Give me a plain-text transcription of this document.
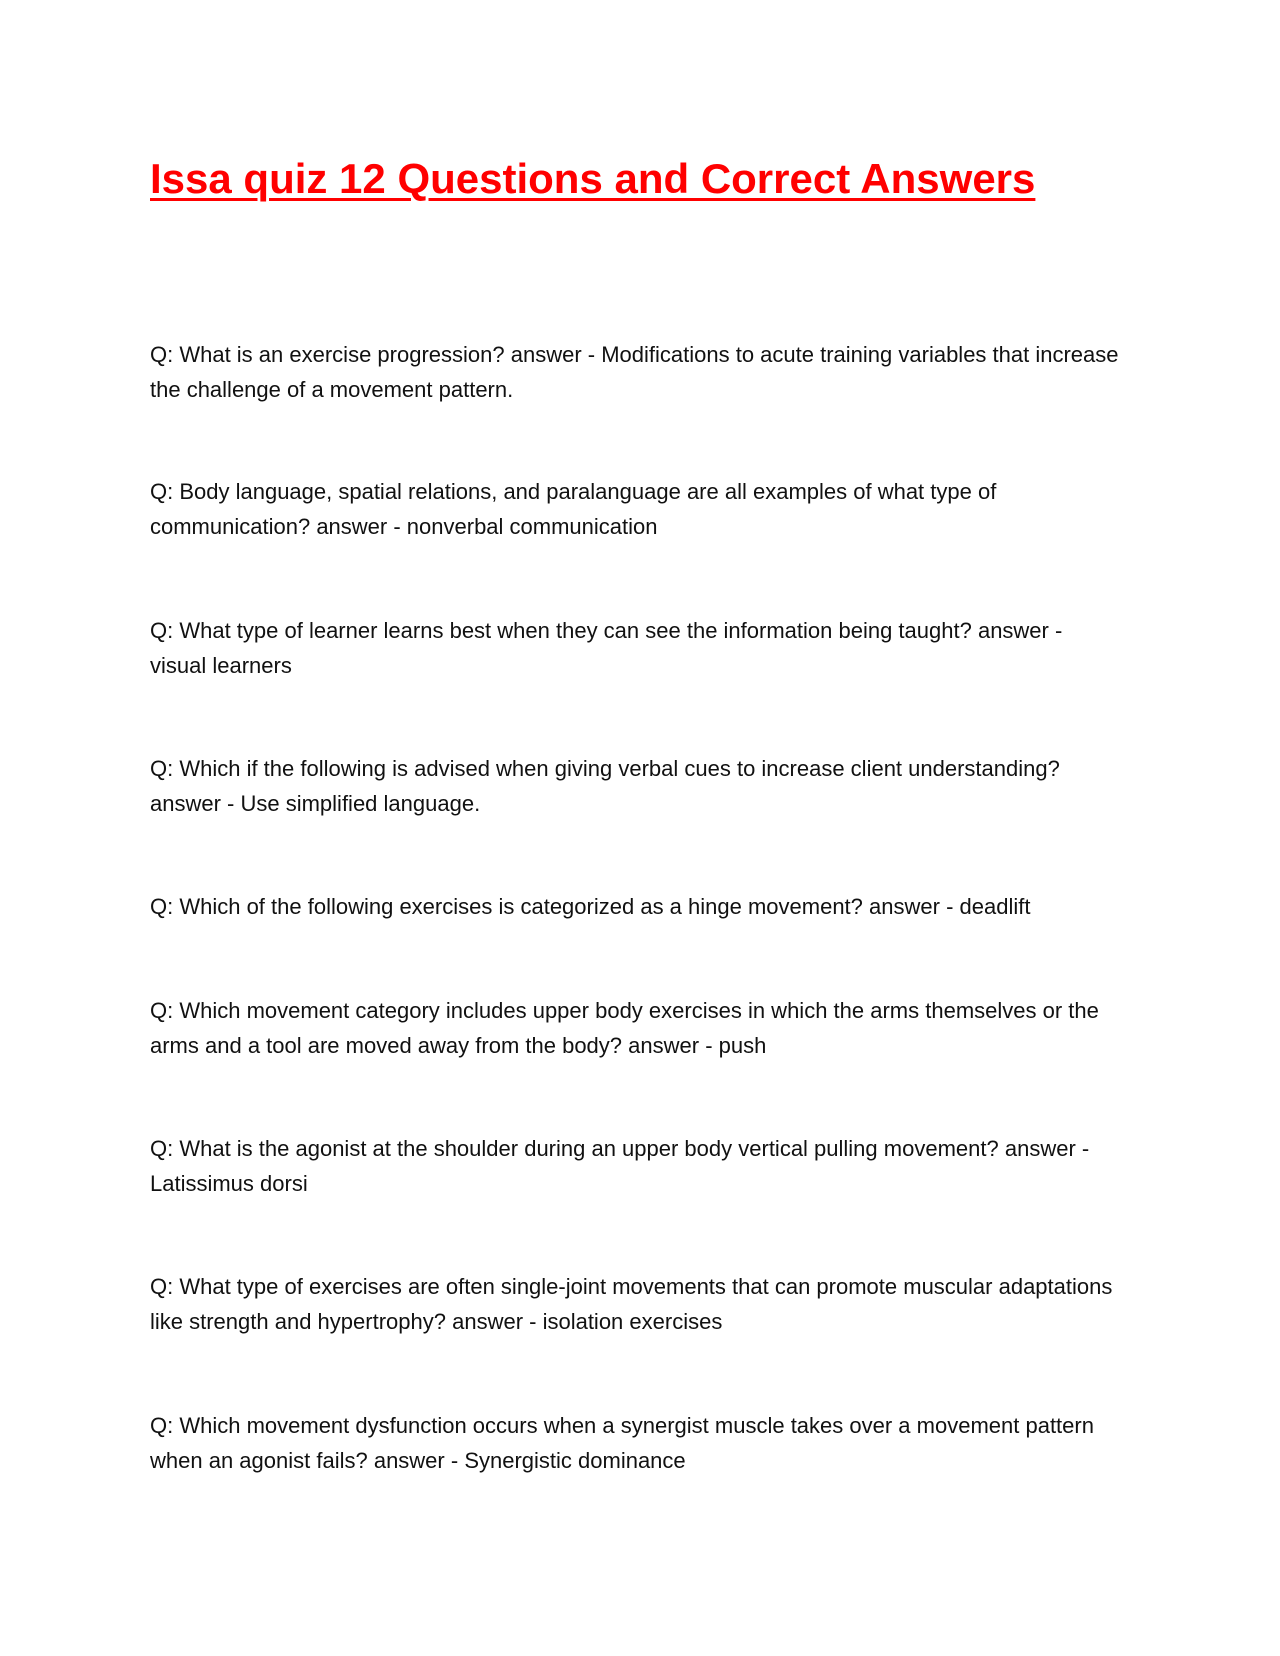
Issa quiz 12 Questions and Correct Answers

Q: What is an exercise progression? answer - Modifications to acute training variables that increase the challenge of a movement pattern.

Q: Body language, spatial relations, and paralanguage are all examples of what type of communication? answer - nonverbal communication

Q: What type of learner learns best when they can see the information being taught? answer - visual learners

Q: Which if the following is advised when giving verbal cues to increase client understanding? answer - Use simplified language.

Q: Which of the following exercises is categorized as a hinge movement? answer - deadlift

Q: Which movement category includes upper body exercises in which the arms themselves or the arms and a tool are moved away from the body? answer - push

Q: What is the agonist at the shoulder during an upper body vertical pulling movement? answer - Latissimus dorsi

Q: What type of exercises are often single-joint movements that can promote muscular adaptations like strength and hypertrophy? answer - isolation exercises

Q: Which movement dysfunction occurs when a synergist muscle takes over a movement pattern when an agonist fails? answer - Synergistic dominance
